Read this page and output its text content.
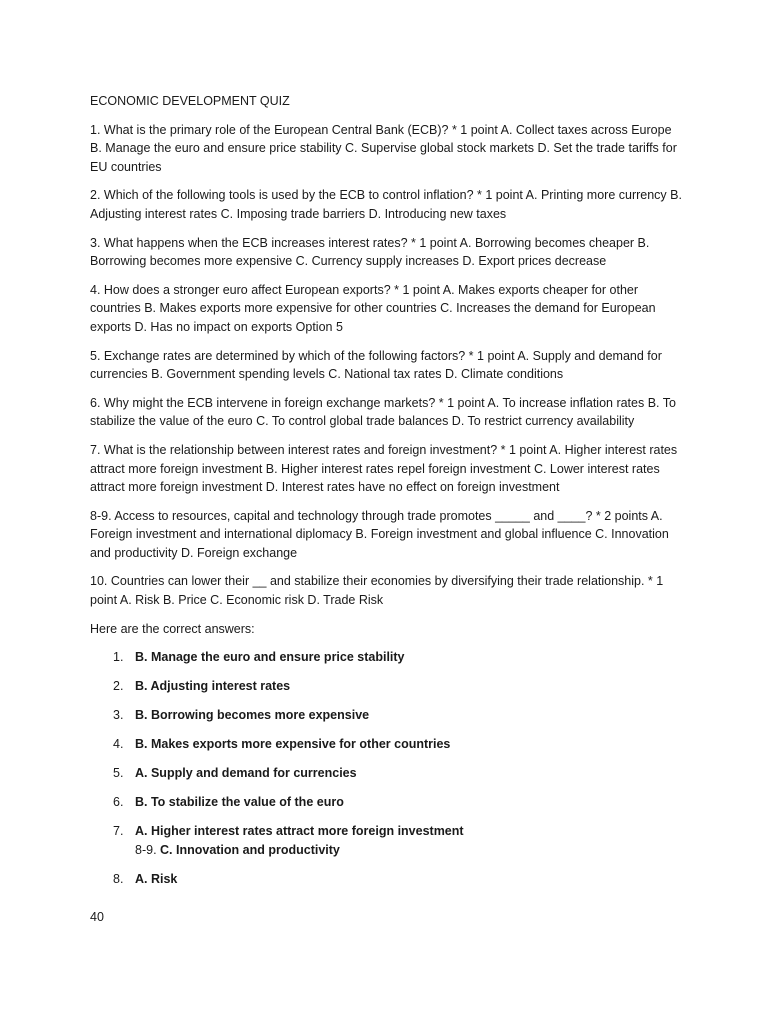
ECONOMIC DEVELOPMENT QUIZ

1. What is the primary role of the European Central Bank (ECB)? * 1 point A. Collect taxes across Europe B. Manage the euro and ensure price stability C. Supervise global stock markets D. Set the trade tariffs for EU countries

2. Which of the following tools is used by the ECB to control inflation? * 1 point A. Printing more currency B. Adjusting interest rates C. Imposing trade barriers D. Introducing new taxes

3. What happens when the ECB increases interest rates? * 1 point A. Borrowing becomes cheaper B. Borrowing becomes more expensive C. Currency supply increases D. Export prices decrease

4. How does a stronger euro affect European exports? * 1 point A. Makes exports cheaper for other countries B. Makes exports more expensive for other countries C. Increases the demand for European exports D. Has no impact on exports Option 5

5. Exchange rates are determined by which of the following factors? * 1 point A. Supply and demand for currencies B. Government spending levels C. National tax rates D. Climate conditions

6. Why might the ECB intervene in foreign exchange markets? * 1 point A. To increase inflation rates B. To stabilize the value of the euro C. To control global trade balances D. To restrict currency availability

7. What is the relationship between interest rates and foreign investment? * 1 point A. Higher interest rates attract more foreign investment B. Higher interest rates repel foreign investment C. Lower interest rates attract more foreign investment D. Interest rates have no effect on foreign investment

8-9. Access to resources, capital and technology through trade promotes _____ and ____? * 2 points A. Foreign investment and international diplomacy B. Foreign investment and global influence C. Innovation and productivity D. Foreign exchange

10. Countries can lower their __ and stabilize their economies by diversifying their trade relationship. * 1 point A. Risk B. Price C. Economic risk D. Trade Risk

Here are the correct answers:

1. B. Manage the euro and ensure price stability
2. B. Adjusting interest rates
3. B. Borrowing becomes more expensive
4. B. Makes exports more expensive for other countries
5. A. Supply and demand for currencies
6. B. To stabilize the value of the euro
7. A. Higher interest rates attract more foreign investment
8-9. C. Innovation and productivity
8. A. Risk
40
